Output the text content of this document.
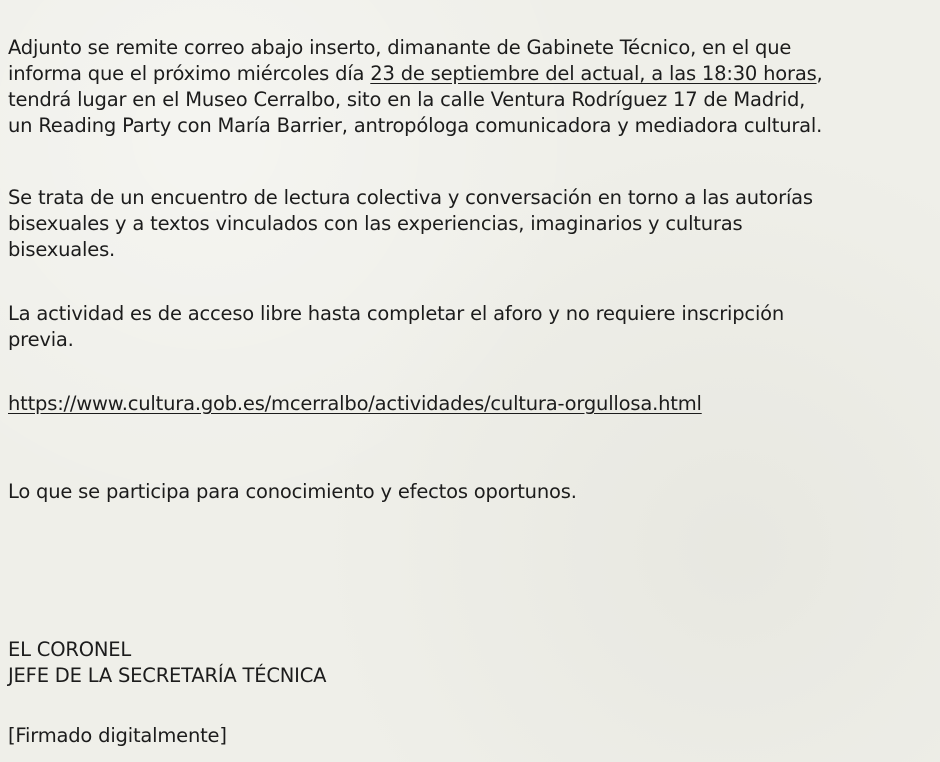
Adjunto se remite correo abajo inserto, dimanante de Gabinete Técnico, en el que
informa que el próximo miércoles día 23 de septiembre del actual, a las 18:30 horas,
tendrá lugar en el Museo Cerralbo, sito en la calle Ventura Rodríguez 17 de Madrid,
un Reading Party con María Barrier, antropóloga comunicadora y mediadora cultural.

Se trata de un encuentro de lectura colectiva y conversación en torno a las autorías
bisexuales y a textos vinculados con las experiencias, imaginarios y culturas
bisexuales.

La actividad es de acceso libre hasta completar el aforo y no requiere inscripción
previa.

https://www.cultura.gob.es/mcerralbo/actividades/cultura-orgullosa.html

Lo que se participa para conocimiento y efectos oportunos.

EL CORONEL
JEFE DE LA SECRETARÍA TÉCNICA

[Firmado digitalmente]
